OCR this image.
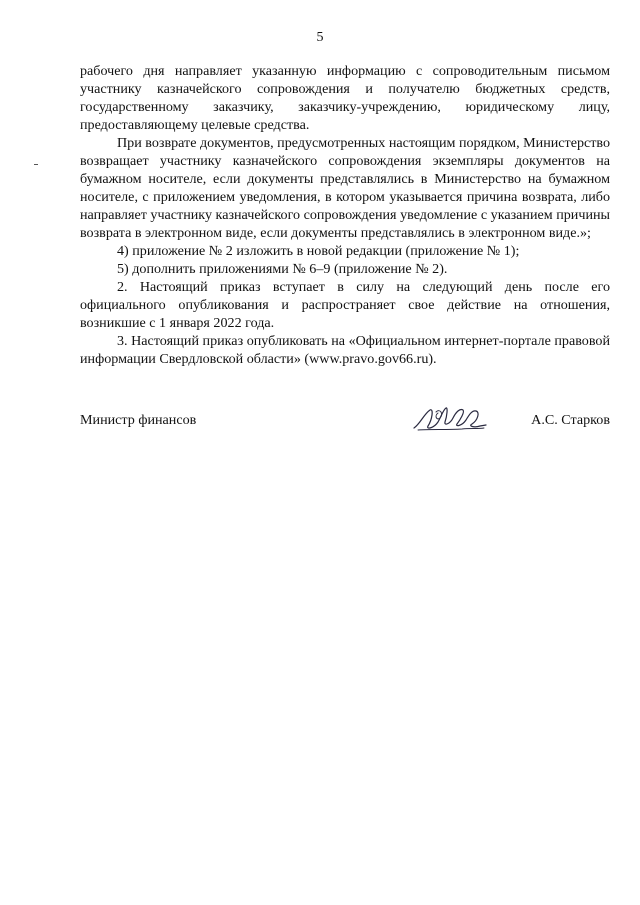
5

рабочего дня направляет указанную информацию с сопроводительным письмом участнику казначейского сопровождения и получателю бюджетных средств, государственному заказчику, заказчику-учреждению, юридическому лицу, предоставляющему целевые средства.

При возврате документов, предусмотренных настоящим порядком, Министерство возвращает участнику казначейского сопровождения экземпляры документов на бумажном носителе, если документы представлялись в Министерство на бумажном носителе, с приложением уведомления, в котором указывается причина возврата, либо направляет участнику казначейского сопровождения уведомление с указанием причины возврата в электронном виде, если документы представлялись в электронном виде.»;

4) приложение № 2 изложить в новой редакции (приложение № 1);

5) дополнить приложениями № 6–9 (приложение № 2).

2. Настоящий приказ вступает в силу на следующий день после его официального опубликования и распространяет свое действие на отношения, возникшие с 1 января 2022 года.

3. Настоящий приказ опубликовать на «Официальном интернет-портале правовой информации Свердловской области» (www.pravo.gov66.ru).

Министр финансов	А.С. Старков
